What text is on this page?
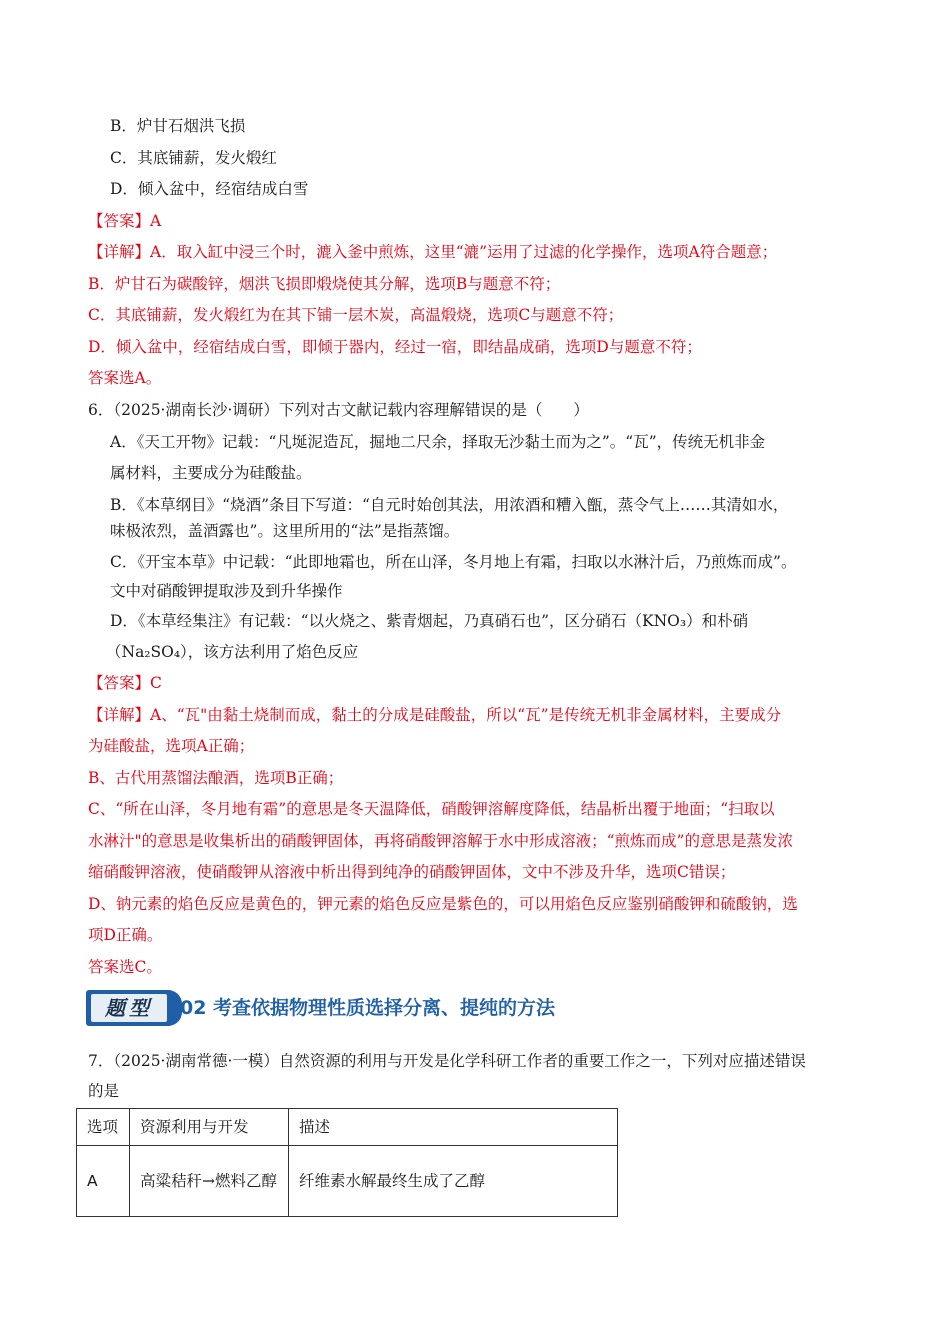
B．炉甘石烟洪飞损
C．其底铺薪，发火煅红
D．倾入盆中，经宿结成白雪
【答案】A
【详解】A．取入缸中浸三个时，漉入釜中煎炼，这里“漉”运用了过滤的化学操作，选项A符合题意；
B．炉甘石为碳酸锌，烟洪飞损即煅烧使其分解，选项B与题意不符；
C．其底铺薪，发火煅红为在其下铺一层木炭，高温煅烧，选项C与题意不符；
D．倾入盆中，经宿结成白雪，即倾于器内，经过一宿，即结晶成硝，选项D与题意不符；
答案选A。
6．（2025·湖南长沙·调研）下列对古文献记载内容理解错误的是（　　）
A．《天工开物》记载：“凡埏泥造瓦，掘地二尺余，择取无沙黏土而为之”。“瓦”，传统无机非金
属材料，主要成分为硅酸盐。
B．《本草纲目》“烧酒”条目下写道：“自元时始创其法，用浓酒和糟入甑，蒸令气上……其清如水，
味极浓烈，盖酒露也”。这里所用的“法”是指蒸馏。
C．《开宝本草》中记载：“此即地霜也，所在山泽，冬月地上有霜，扫取以水淋汁后，乃煎炼而成”。
文中对硝酸钾提取涉及到升华操作
D．《本草经集注》有记载：“以火烧之、紫青烟起，乃真硝石也”，区分硝石（KNO₃）和朴硝
（Na₂SO₄），该方法利用了焰色反应
【答案】C
【详解】A、“瓦"由黏土烧制而成，黏土的分成是硅酸盐，所以“瓦”是传统无机非金属材料，主要成分
为硅酸盐，选项A正确；
B、古代用蒸馏法酿酒，选项B正确；
C、“所在山泽，冬月地有霜”的意思是冬天温降低，硝酸钾溶解度降低，结晶析出覆于地面；“扫取以
水淋汁"的意思是收集析出的硝酸钾固体，再将硝酸钾溶解于水中形成溶液；“煎炼而成”的意思是蒸发浓
缩硝酸钾溶液，使硝酸钾从溶液中析出得到纯净的硝酸钾固体，文中不涉及升华，选项C错误；
D、钠元素的焰色反应是黄色的，钾元素的焰色反应是紫色的，可以用焰色反应鉴别硝酸钾和硫酸钠，选
项D正确。
答案选C。
题型	02 考查依据物理性质选择分离、提纯的方法
7．（2025·湖南常德·一模）自然资源的利用与开发是化学科研工作者的重要工作之一，下列对应描述错误
的是
选项	资源利用与开发	描述
A	高粱秸秆→燃料乙醇	纤维素水解最终生成了乙醇
